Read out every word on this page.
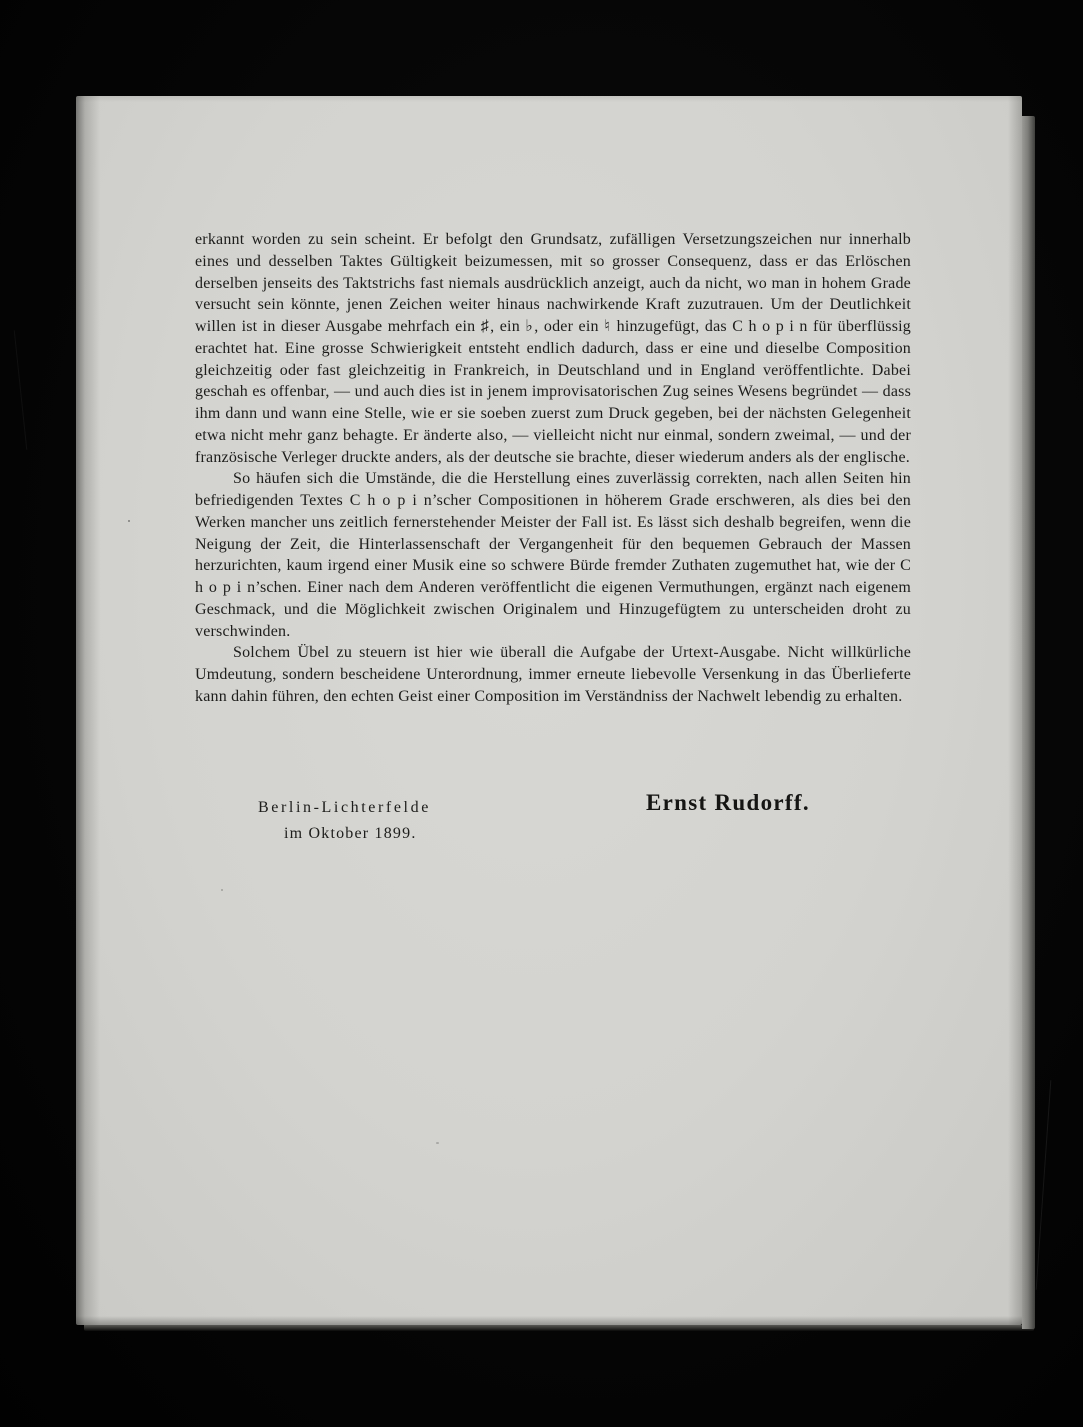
erkannt worden zu sein scheint. Er befolgt den Grundsatz, zufälligen Versetzungszeichen nur innerhalb eines und desselben Taktes Gültigkeit beizumessen, mit so grosser Consequenz, dass er das Erlöschen derselben jenseits des Taktstrichs fast niemals ausdrücklich anzeigt, auch da nicht, wo man in hohem Grade versucht sein könnte, jenen Zeichen weiter hinaus nachwirkende Kraft zuzutrauen. Um der Deutlichkeit willen ist in dieser Ausgabe mehrfach ein ♯, ein ♭, oder ein ♮ hinzugefügt, das C h o p i n für überflüssig erachtet hat. Eine grosse Schwierigkeit entsteht endlich dadurch, dass er eine und dieselbe Composition gleichzeitig oder fast gleichzeitig in Frankreich, in Deutschland und in England veröffentlichte. Dabei geschah es offenbar, — und auch dies ist in jenem improvisatorischen Zug seines Wesens begründet — dass ihm dann und wann eine Stelle, wie er sie soeben zuerst zum Druck gegeben, bei der nächsten Gelegenheit etwa nicht mehr ganz behagte. Er änderte also, — vielleicht nicht nur einmal, sondern zweimal, — und der französische Verleger druckte anders, als der deutsche sie brachte, dieser wiederum anders als der englische.

So häufen sich die Umstände, die die Herstellung eines zuverlässig correkten, nach allen Seiten hin befriedigenden Textes C h o p i n’scher Compositionen in höherem Grade erschweren, als dies bei den Werken mancher uns zeitlich fernerstehender Meister der Fall ist. Es lässt sich deshalb begreifen, wenn die Neigung der Zeit, die Hinterlassenschaft der Vergangenheit für den bequemen Gebrauch der Massen herzurichten, kaum irgend einer Musik eine so schwere Bürde fremder Zuthaten zugemuthet hat, wie der C h o p i n’schen. Einer nach dem Anderen veröffentlicht die eigenen Vermuthungen, ergänzt nach eigenem Geschmack, und die Möglichkeit zwischen Originalem und Hinzugefügtem zu unterscheiden droht zu verschwinden.

Solchem Übel zu steuern ist hier wie überall die Aufgabe der Urtext-Ausgabe. Nicht willkürliche Umdeutung, sondern bescheidene Unterordnung, immer erneute liebevolle Versenkung in das Überlieferte kann dahin führen, den echten Geist einer Composition im Verständniss der Nachwelt lebendig zu erhalten.

Berlin-Lichterfelde
im Oktober 1899.
Ernst Rudorff.
